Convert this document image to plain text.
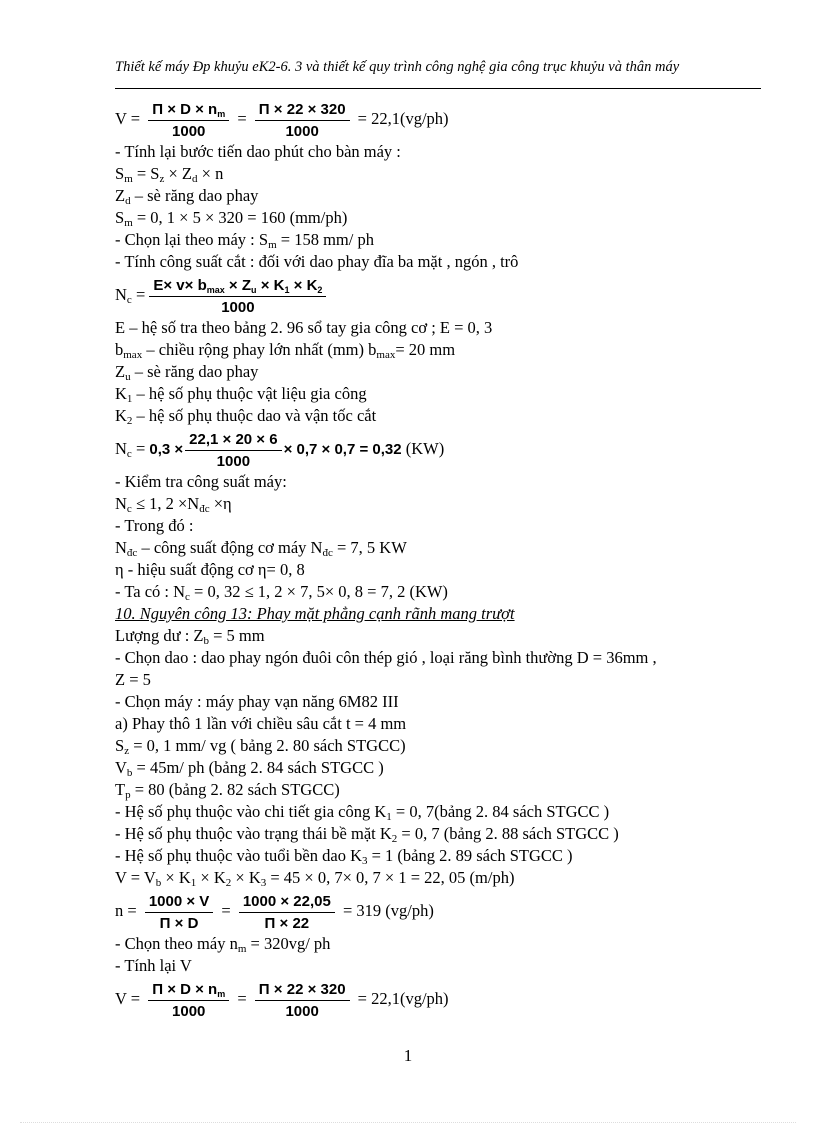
Thiết kế máy Đp khuỷu eK2-6. 3 và thiết kế quy trình công nghệ gia công trục khuỷu và thân máy
$V = \frac{\Pi \times D \times n_m}{1000} = \frac{\Pi \times 22 \times 320}{1000} = 22,1(vg/ph)$
- Tính lại bước tiến dao phút cho bàn máy :
$S_m = S_z \times Z_d \times n$
$Z_d$ – sè răng dao phay
$S_m = 0$, 1 × 5 × 320 = 160 (mm/ph)
- Chọn lại theo máy : $S_m = 158$ mm/ ph
- Tính công suất cắt : đối với dao phay đĩa ba mặt , ngón , trô
$N_c = \frac{E\times v\times b_{max} \times Z_u \times K_1 \times K_2}{1000}$
E – hệ số tra theo bảng 2. 96 sổ tay gia công cơ ; E = 0, 3
$b_{max}$ – chiều rộng phay lớn nhất (mm) $b_{max}= 20$ mm
$Z_u$ – sè răng dao phay
$K_1$ – hệ số phụ thuộc vật liệu gia công
$K_2$ – hệ số phụ thuộc dao và vận tốc cắt
$N_c = 0,3 \times \frac{22,1 \times 20 \times 6}{1000} \times 0,7 \times 0,7 = 0,32$ (KW)
- Kiểm tra công suất máy:
$N_c \le 1$, $2 \times N_{đc} \times\eta$
- Trong đó :
$N_{đc}$ – công suất động cơ máy $N_{đc} = 7$, 5 KW
η - hiệu suất động cơ η= 0, 8
- Ta có : $N_c = 0$, 32 ≤ 1, 2 × 7, 5× 0, 8 = 7, 2 (KW)
10. Nguyên công 13: Phay mặt phẳng cạnh rãnh mang trượt
Lượng dư : $Z_b = 5$ mm
- Chọn dao : dao phay ngón đuôi côn thép gió , loại răng bình thường D = 36mm ,
Z = 5
- Chọn máy : máy phay vạn năng 6M82 III
a) Phay thô 1 lần với chiều sâu cắt t = 4 mm
$S_z = 0$, 1 mm/ vg ( bảng 2. 80 sách STGCC)
$V_b = 45m/$ ph (bảng 2. 84 sách STGCC )
$T_p = 80$ (bảng 2. 82 sách STGCC)
- Hệ số phụ thuộc vào chi tiết gia công $K_1 = 0$, 7(bảng 2. 84 sách STGCC )
- Hệ số phụ thuộc vào trạng thái bề mặt $K_2 = 0$, 7 (bảng 2. 88 sách STGCC )
- Hệ số phụ thuộc vào tuổi bền dao $K_3 = 1$ (bảng 2. 89 sách STGCC )
$V = V_b \times K_1 \times K_2 \times K_3 = 45 \times 0$, 7× 0, 7 × 1 = 22, 05 (m/ph)
$n = \frac{1000 \times V}{\Pi \times D} = \frac{1000 \times 22,05}{\Pi \times 22} = 319$ (vg/ph)
- Chọn theo máy $n_m = 320vg/$ ph
- Tính lại V
$V = \frac{\Pi \times D \times n_m}{1000} = \frac{\Pi \times 22 \times 320}{1000} = 22,1(vg/ph)$
1
